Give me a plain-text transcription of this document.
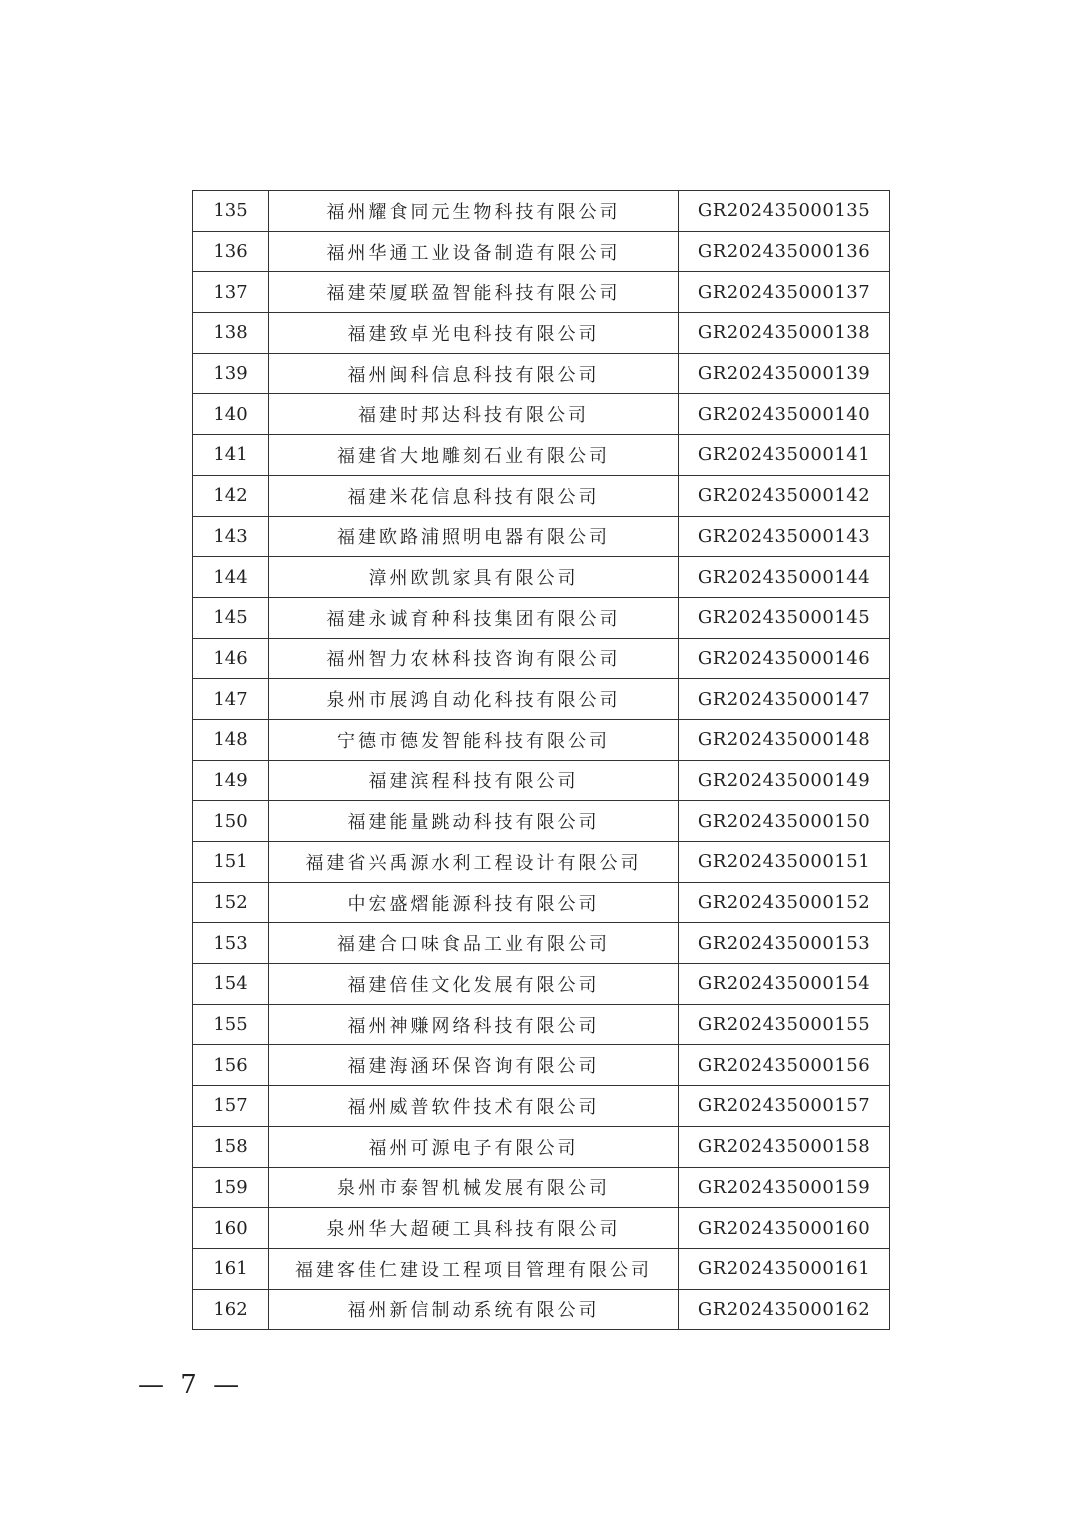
135	福州耀食同元生物科技有限公司	GR202435000135
136	福州华通工业设备制造有限公司	GR202435000136
137	福建荣厦联盈智能科技有限公司	GR202435000137
138	福建致卓光电科技有限公司	GR202435000138
139	福州闽科信息科技有限公司	GR202435000139
140	福建时邦达科技有限公司	GR202435000140
141	福建省大地雕刻石业有限公司	GR202435000141
142	福建米花信息科技有限公司	GR202435000142
143	福建欧路浦照明电器有限公司	GR202435000143
144	漳州欧凯家具有限公司	GR202435000144
145	福建永诚育种科技集团有限公司	GR202435000145
146	福州智力农林科技咨询有限公司	GR202435000146
147	泉州市展鸿自动化科技有限公司	GR202435000147
148	宁德市德发智能科技有限公司	GR202435000148
149	福建滨程科技有限公司	GR202435000149
150	福建能量跳动科技有限公司	GR202435000150
151	福建省兴禹源水利工程设计有限公司	GR202435000151
152	中宏盛熠能源科技有限公司	GR202435000152
153	福建合口味食品工业有限公司	GR202435000153
154	福建倍佳文化发展有限公司	GR202435000154
155	福州神赚网络科技有限公司	GR202435000155
156	福建海涵环保咨询有限公司	GR202435000156
157	福州威普软件技术有限公司	GR202435000157
158	福州可源电子有限公司	GR202435000158
159	泉州市泰智机械发展有限公司	GR202435000159
160	泉州华大超硬工具科技有限公司	GR202435000160
161	福建客佳仁建设工程项目管理有限公司	GR202435000161
162	福州新信制动系统有限公司	GR202435000162
— 7 —
